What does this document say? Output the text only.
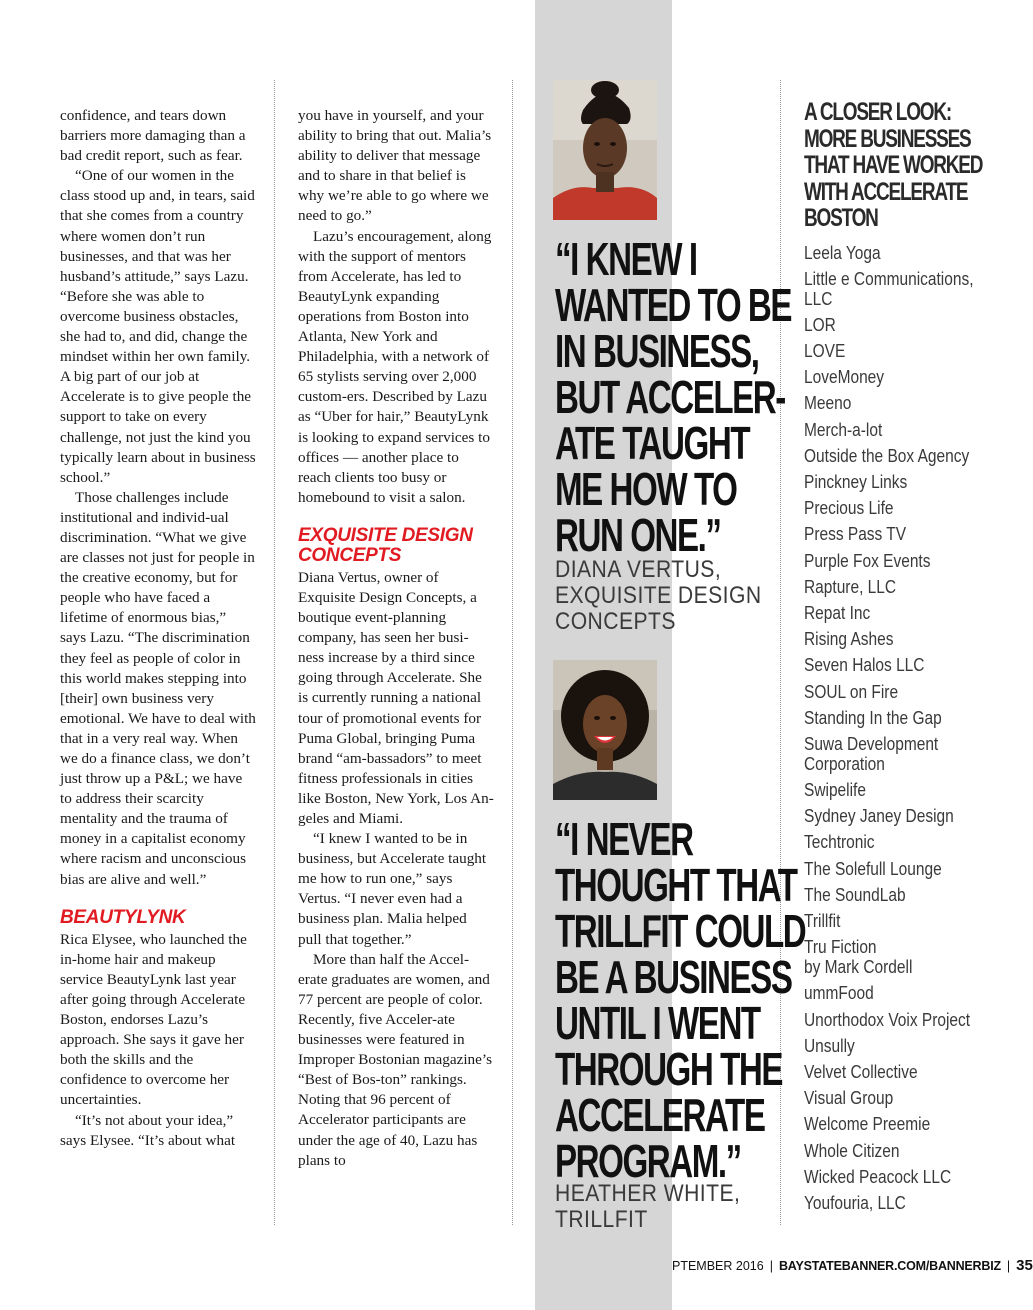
confidence, and tears down barriers more damaging than a bad credit report, such as fear.

“One of our women in the class stood up and, in tears, said that she comes from a country where women don’t run businesses, and that was her husband’s attitude,” says Lazu. “Before she was able to overcome business obstacles, she had to, and did, change the mindset within her own family. A big part of our job at Accelerate is to give people the support to take on every challenge, not just the kind you typically learn about in business school.”

Those challenges include institutional and individ-ual discrimination. “What we give are classes not just for people in the creative economy, but for people who have faced a lifetime of enormous bias,” says Lazu. “The discrimination they feel as people of color in this world makes stepping into [their] own business very emotional. We have to deal with that in a very real way. When we do a finance class, we don’t just throw up a P&L; we have to address their scarcity mentality and the trauma of money in a capitalist economy where racism and unconscious bias are alive and well.”

BEAUTYLYNK

Rica Elysee, who launched the in-home hair and makeup service BeautyLynk last year after going through Accelerate Boston, endorses Lazu’s approach. She says it gave her both the skills and the confidence to overcome her uncertainties.

“It’s not about your idea,” says Elysee. “It’s about what

you have in yourself, and your ability to bring that out. Malia’s ability to deliver that message and to share in that belief is why we’re able to go where we need to go.”

Lazu’s encouragement, along with the support of mentors from Accelerate, has led to BeautyLynk expanding operations from Boston into Atlanta, New York and Philadelphia, with a network of 65 stylists serving over 2,000 custom-ers. Described by Lazu as “Uber for hair,” BeautyLynk is looking to expand services to offices — another place to reach clients too busy or homebound to visit a salon.

EXQUISITE DESIGN CONCEPTS

Diana Vertus, owner of Exquisite Design Concepts, a boutique event-planning company, has seen her busi-ness increase by a third since going through Accelerate. She is currently running a national tour of promotional events for Puma Global, bringing Puma brand “am-bassadors” to meet fitness professionals in cities like Boston, New York, Los An-geles and Miami.

“I knew I wanted to be in business, but Accelerate taught me how to run one,” says Vertus. “I never even had a business plan. Malia helped pull that together.”

More than half the Accel-erate graduates are women, and 77 percent are people of color. Recently, five Acceler-ate businesses were featured in Improper Bostonian magazine’s “Best of Bos-ton” rankings. Noting that 96 percent of Accelerator participants are under the age of 40, Lazu has plans to

“I KNEW I
WANTED TO BE
IN BUSINESS,
BUT ACCELER-
ATE TAUGHT
ME HOW TO
RUN ONE.”
DIANA VERTUS,
EXQUISITE DESIGN
CONCEPTS
“I NEVER
THOUGHT THAT
TRILLFIT COULD
BE A BUSINESS
UNTIL I WENT
THROUGH THE
ACCELERATE
PROGRAM.”
HEATHER WHITE,
TRILLFIT
A CLOSER LOOK:
MORE BUSINESSES
THAT HAVE WORKED
WITH ACCELERATE
BOSTON
Leela Yoga
Little e Communications,
LLC
LOR
LOVE
LoveMoney
Meeno
Merch-a-lot
Outside the Box Agency
Pinckney Links
Precious Life
Press Pass TV
Purple Fox Events
Rapture, LLC
Repat Inc
Rising Ashes
Seven Halos LLC
SOUL on Fire
Standing In the Gap
Suwa Development
Corporation
Swipelife
Sydney Janey Design
Techtronic
The Solefull Lounge
The SoundLab
Trillfit
Tru Fiction
by Mark Cordell
ummFood
Unorthodox Voix Project
Unsully
Velvet Collective
Visual Group
Welcome Preemie
Whole Citizen
Wicked Peacock LLC
Youfouria, LLC
PTEMBER 2016 | BAYSTATEBANNER.COM/BANNERBIZ | 35
